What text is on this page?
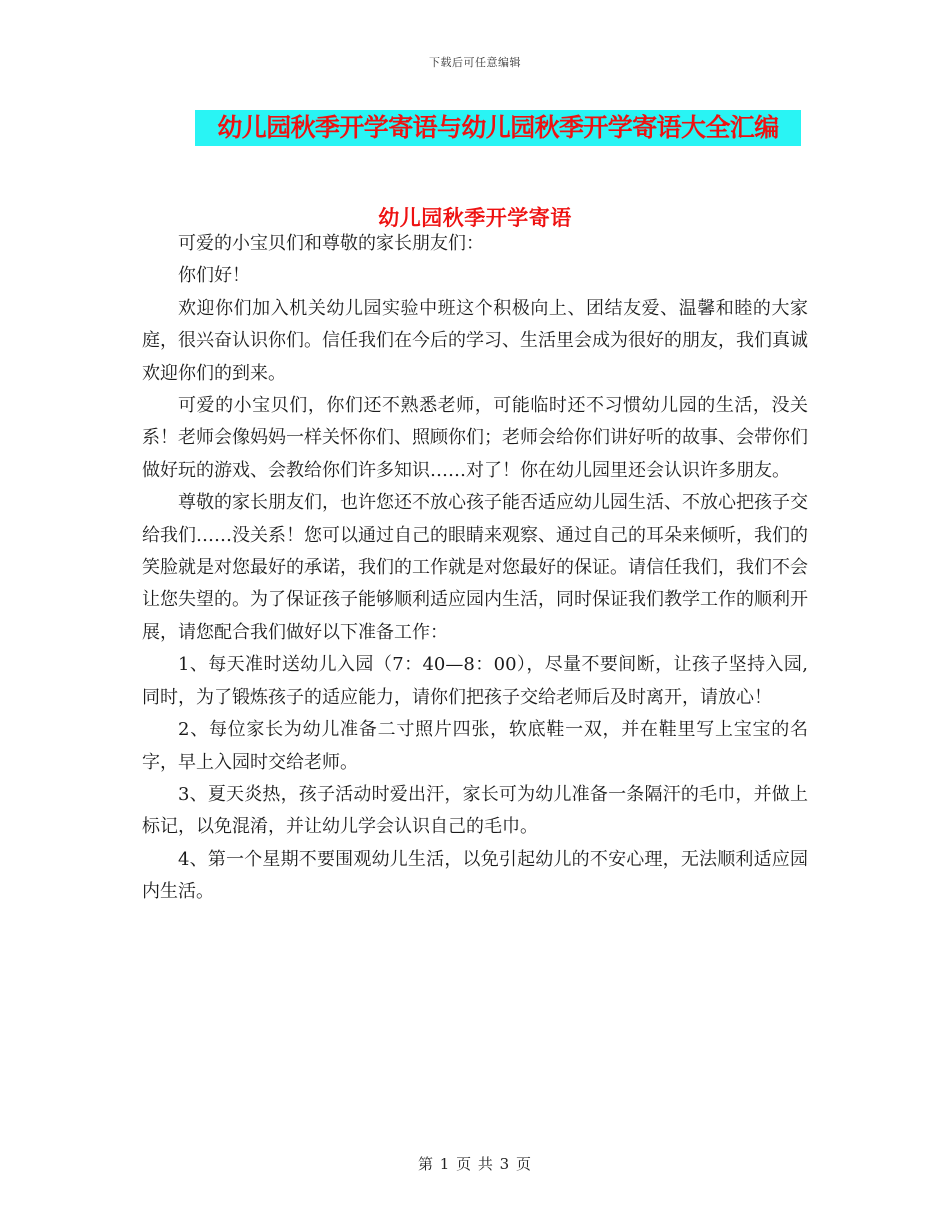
下载后可任意编辑
幼儿园秋季开学寄语与幼儿园秋季开学寄语大全汇编
幼儿园秋季开学寄语

可爱的小宝贝们和尊敬的家长朋友们：

你们好！

欢迎你们加入机关幼儿园实验中班这个积极向上、团结友爱、温馨和睦的大家庭，很兴奋认识你们。信任我们在今后的学习、生活里会成为很好的朋友，我们真诚欢迎你们的到来。

可爱的小宝贝们，你们还不熟悉老师，可能临时还不习惯幼儿园的生活，没关系！老师会像妈妈一样关怀你们、照顾你们；老师会给你们讲好听的故事、会带你们做好玩的游戏、会教给你们许多知识……对了！你在幼儿园里还会认识许多朋友。

尊敬的家长朋友们，也许您还不放心孩子能否适应幼儿园生活、不放心把孩子交给我们……没关系！您可以通过自己的眼睛来观察、通过自己的耳朵来倾听，我们的笑脸就是对您最好的承诺，我们的工作就是对您最好的保证。请信任我们，我们不会让您失望的。为了保证孩子能够顺利适应园内生活，同时保证我们教学工作的顺利开展，请您配合我们做好以下准备工作：

1、每天准时送幼儿入园（7：40—8：00），尽量不要间断，让孩子坚持入园,同时，为了锻炼孩子的适应能力，请你们把孩子交给老师后及时离开，请放心！

2、每位家长为幼儿准备二寸照片四张，软底鞋一双，并在鞋里写上宝宝的名字，早上入园时交给老师。

3、夏天炎热，孩子活动时爱出汗，家长可为幼儿准备一条隔汗的毛巾，并做上标记，以免混淆，并让幼儿学会认识自己的毛巾。

4、第一个星期不要围观幼儿生活，以免引起幼儿的不安心理，无法顺利适应园内生活。

第 1 页 共 3 页
